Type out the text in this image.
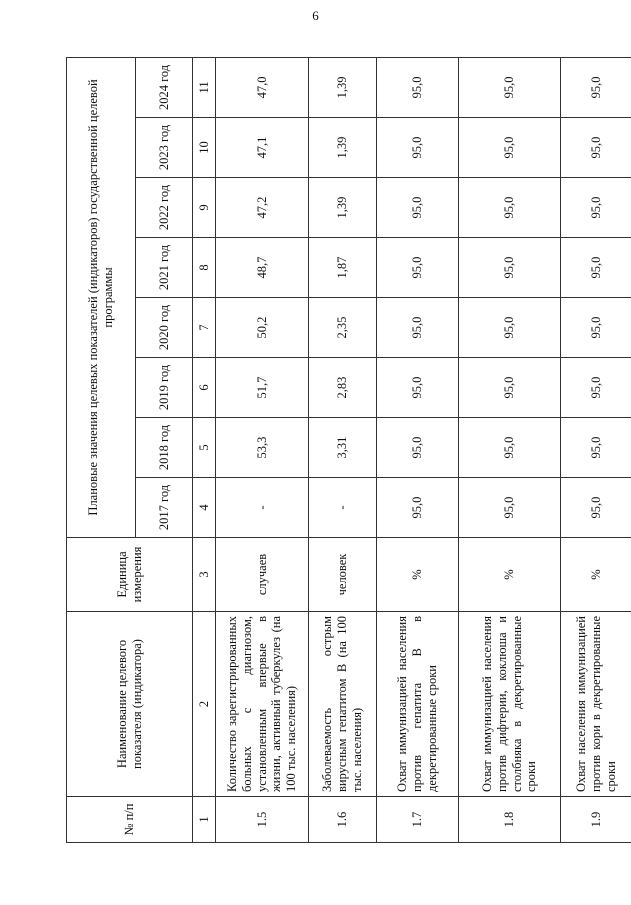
6
№ п/п	Наименование целевого показателя (индикатора)	Единица измерения	Плановые значения целевых показателей (индикаторов) государственной целевой программы							
			2017 год	2018 год	2019 год	2020 год	2021 год	2022 год	2023 год	2024 год
1	2	3	4	5	6	7	8	9	10	11
1.5	Количество зарегистрированных больных с диагнозом, установленным впервые в жизни, активный туберкулез (на 100 тыс. населения)	случаев	-	53,3	51,7	50,2	48,7	47,2	47,1	47,0
1.6	Заболеваемость острым вирусным гепатитом В (на 100 тыс. населения)	человек	-	3,31	2,83	2,35	1,87	1,39	1,39	1,39
1.7	Охват иммунизацией населения против гепатита В в декретированные сроки	%	95,0	95,0	95,0	95,0	95,0	95,0	95,0	95,0
1.8	Охват иммунизацией населения против дифтерии, коклюша и столбняка в декретированные сроки	%	95,0	95,0	95,0	95,0	95,0	95,0	95,0	95,0
1.9	Охват населения иммунизацией против кори в декретированные сроки	%	95,0	95,0	95,0	95,0	95,0	95,0	95,0	95,0
